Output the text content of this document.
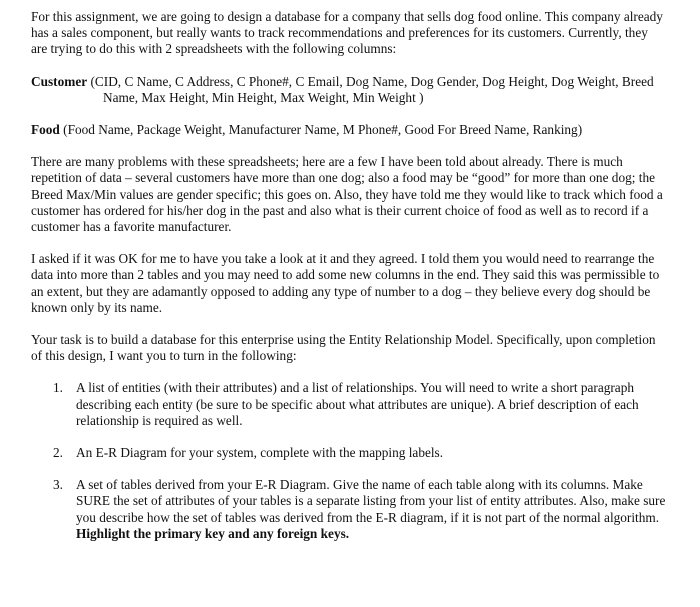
For this assignment, we are going to design a database for a company that sells dog food online. This company already has a sales component, but really wants to track recommendations and preferences for its customers. Currently, they are trying to do this with 2 spreadsheets with the following columns:

Customer (CID, C Name, C Address, C Phone#, C Email, Dog Name, Dog Gender, Dog Height, Dog Weight, Breed Name, Max Height, Min Height, Max Weight, Min Weight )

Food (Food Name, Package Weight, Manufacturer Name, M Phone#, Good For Breed Name, Ranking)

There are many problems with these spreadsheets; here are a few I have been told about already. There is much repetition of data – several customers have more than one dog; also a food may be “good” for more than one dog; the Breed Max/Min values are gender specific; this goes on. Also, they have told me they would like to track which food a customer has ordered for his/her dog in the past and also what is their current choice of food as well as to record if a customer has a favorite manufacturer.

I asked if it was OK for me to have you take a look at it and they agreed. I told them you would need to rearrange the data into more than 2 tables and you may need to add some new columns in the end. They said this was permissible to an extent, but they are adamantly opposed to adding any type of number to a dog – they believe every dog should be known only by its name.

Your task is to build a database for this enterprise using the Entity Relationship Model. Specifically, upon completion of this design, I want you to turn in the following:

1. A list of entities (with their attributes) and a list of relationships. You will need to write a short paragraph describing each entity (be sure to be specific about what attributes are unique). A brief description of each relationship is required as well.
2. An E-R Diagram for your system, complete with the mapping labels.
3. A set of tables derived from your E-R Diagram. Give the name of each table along with its columns. Make SURE the set of attributes of your tables is a separate listing from your list of entity attributes. Also, make sure you describe how the set of tables was derived from the E-R diagram, if it is not part of the normal algorithm. Highlight the primary key and any foreign keys.
